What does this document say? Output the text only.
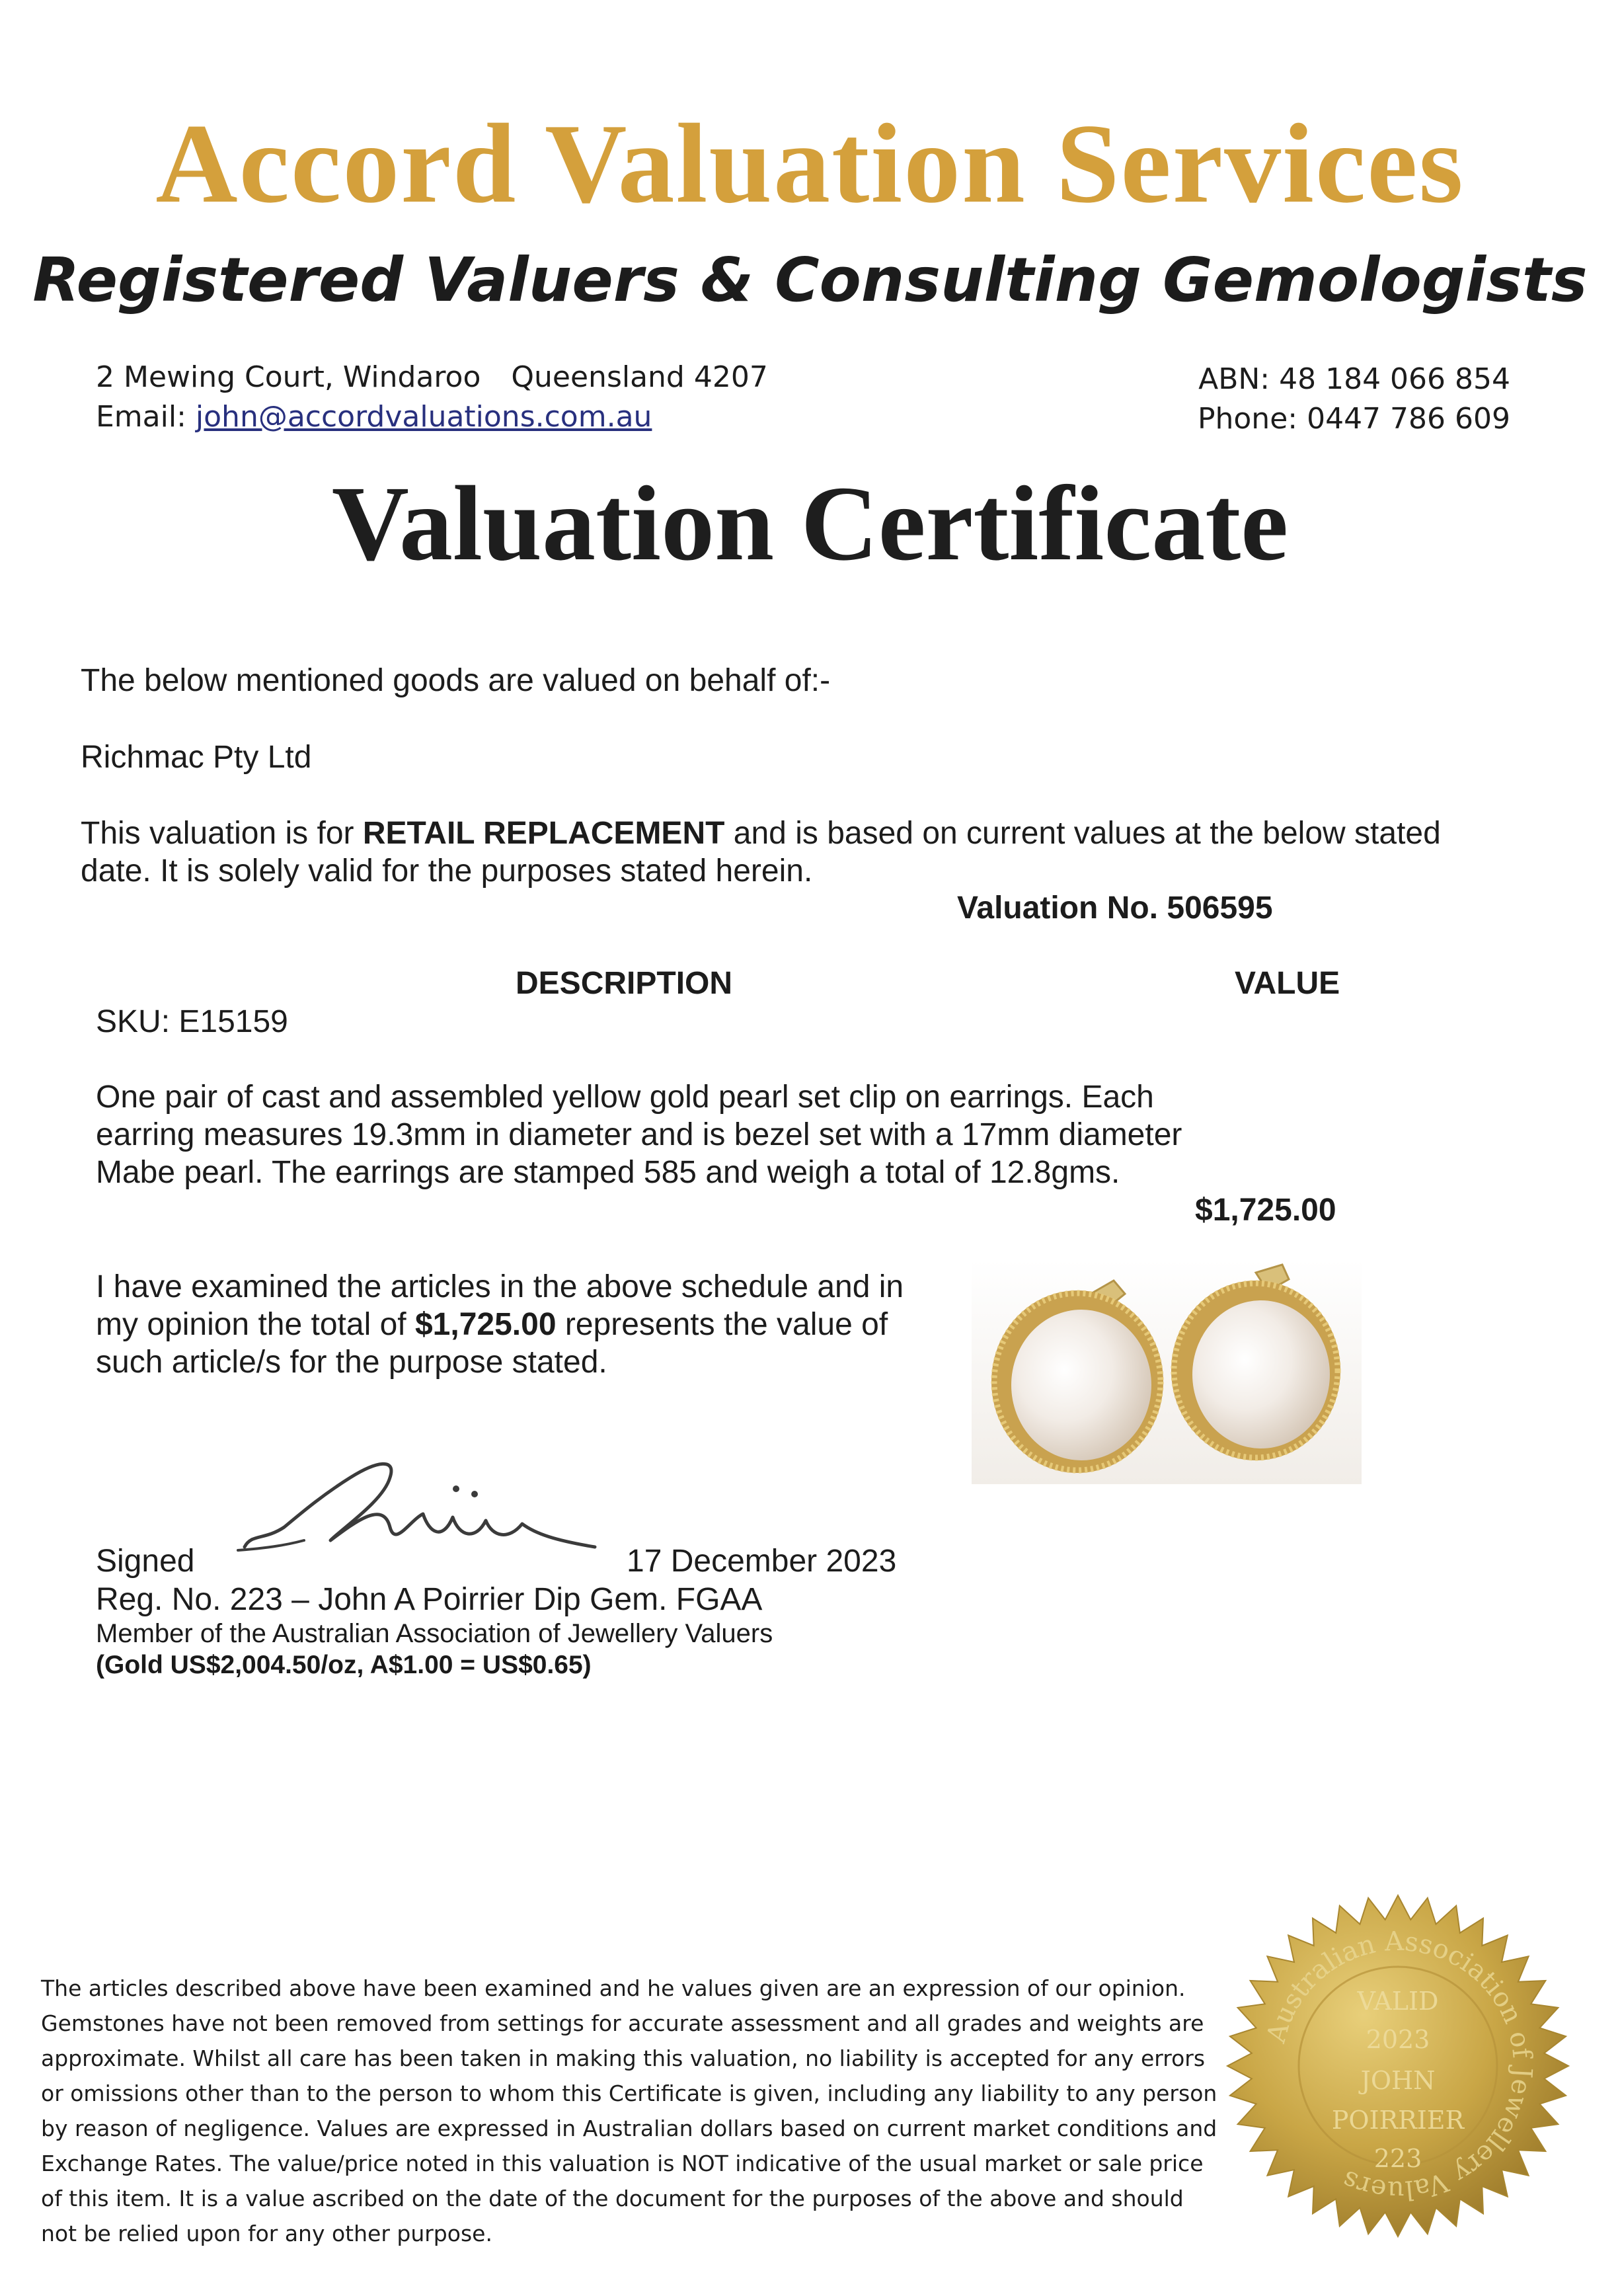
Accord Valuation Services
Registered Valuers & Consulting Gemologists
2 Mewing Court, Windaroo Queensland 4207
Email: john@accordvaluations.com.au
ABN: 48 184 066 854
Phone: 0447 786 609
Valuation Certificate
The below mentioned goods are valued on behalf of:-
Richmac Pty Ltd
This valuation is for RETAIL REPLACEMENT and is based on current values at the below stated
date. It is solely valid for the purposes stated herein.
Valuation No. 506595
DESCRIPTION	VALUE
SKU: E15159
One pair of cast and assembled yellow gold pearl set clip on earrings. Each earring measures 19.3mm in diameter and is bezel set with a 17mm diameter Mabe pearl. The earrings are stamped 585 and weigh a total of 12.8gms.
$1,725.00
I have examined the articles in the above schedule and in my opinion the total of $1,725.00 represents the value of such article/s for the purpose stated.
Signed	17 December 2023
Reg. No. 223 – John A Poirrier Dip Gem. FGAA
Member of the Australian Association of Jewellery Valuers
(Gold US$2,004.50/oz, A$1.00 = US$0.65)
The articles described above have been examined and he values given are an expression of our opinion. Gemstones have not been removed from settings for accurate assessment and all grades and weights are approximate. Whilst all care has been taken in making this valuation, no liability is accepted for any errors or omissions other than to the person to whom this Certificate is given, including any liability to any person by reason of negligence. Values are expressed in Australian dollars based on current market conditions and Exchange Rates. The value/price noted in this valuation is NOT indicative of the usual market or sale price of this item. It is a value ascribed on the date of the document for the purposes of the above and should not be relied upon for any other purpose.
Australian Association of Jewellery Valuers
VALID
2023
JOHN
POIRRIER
223
